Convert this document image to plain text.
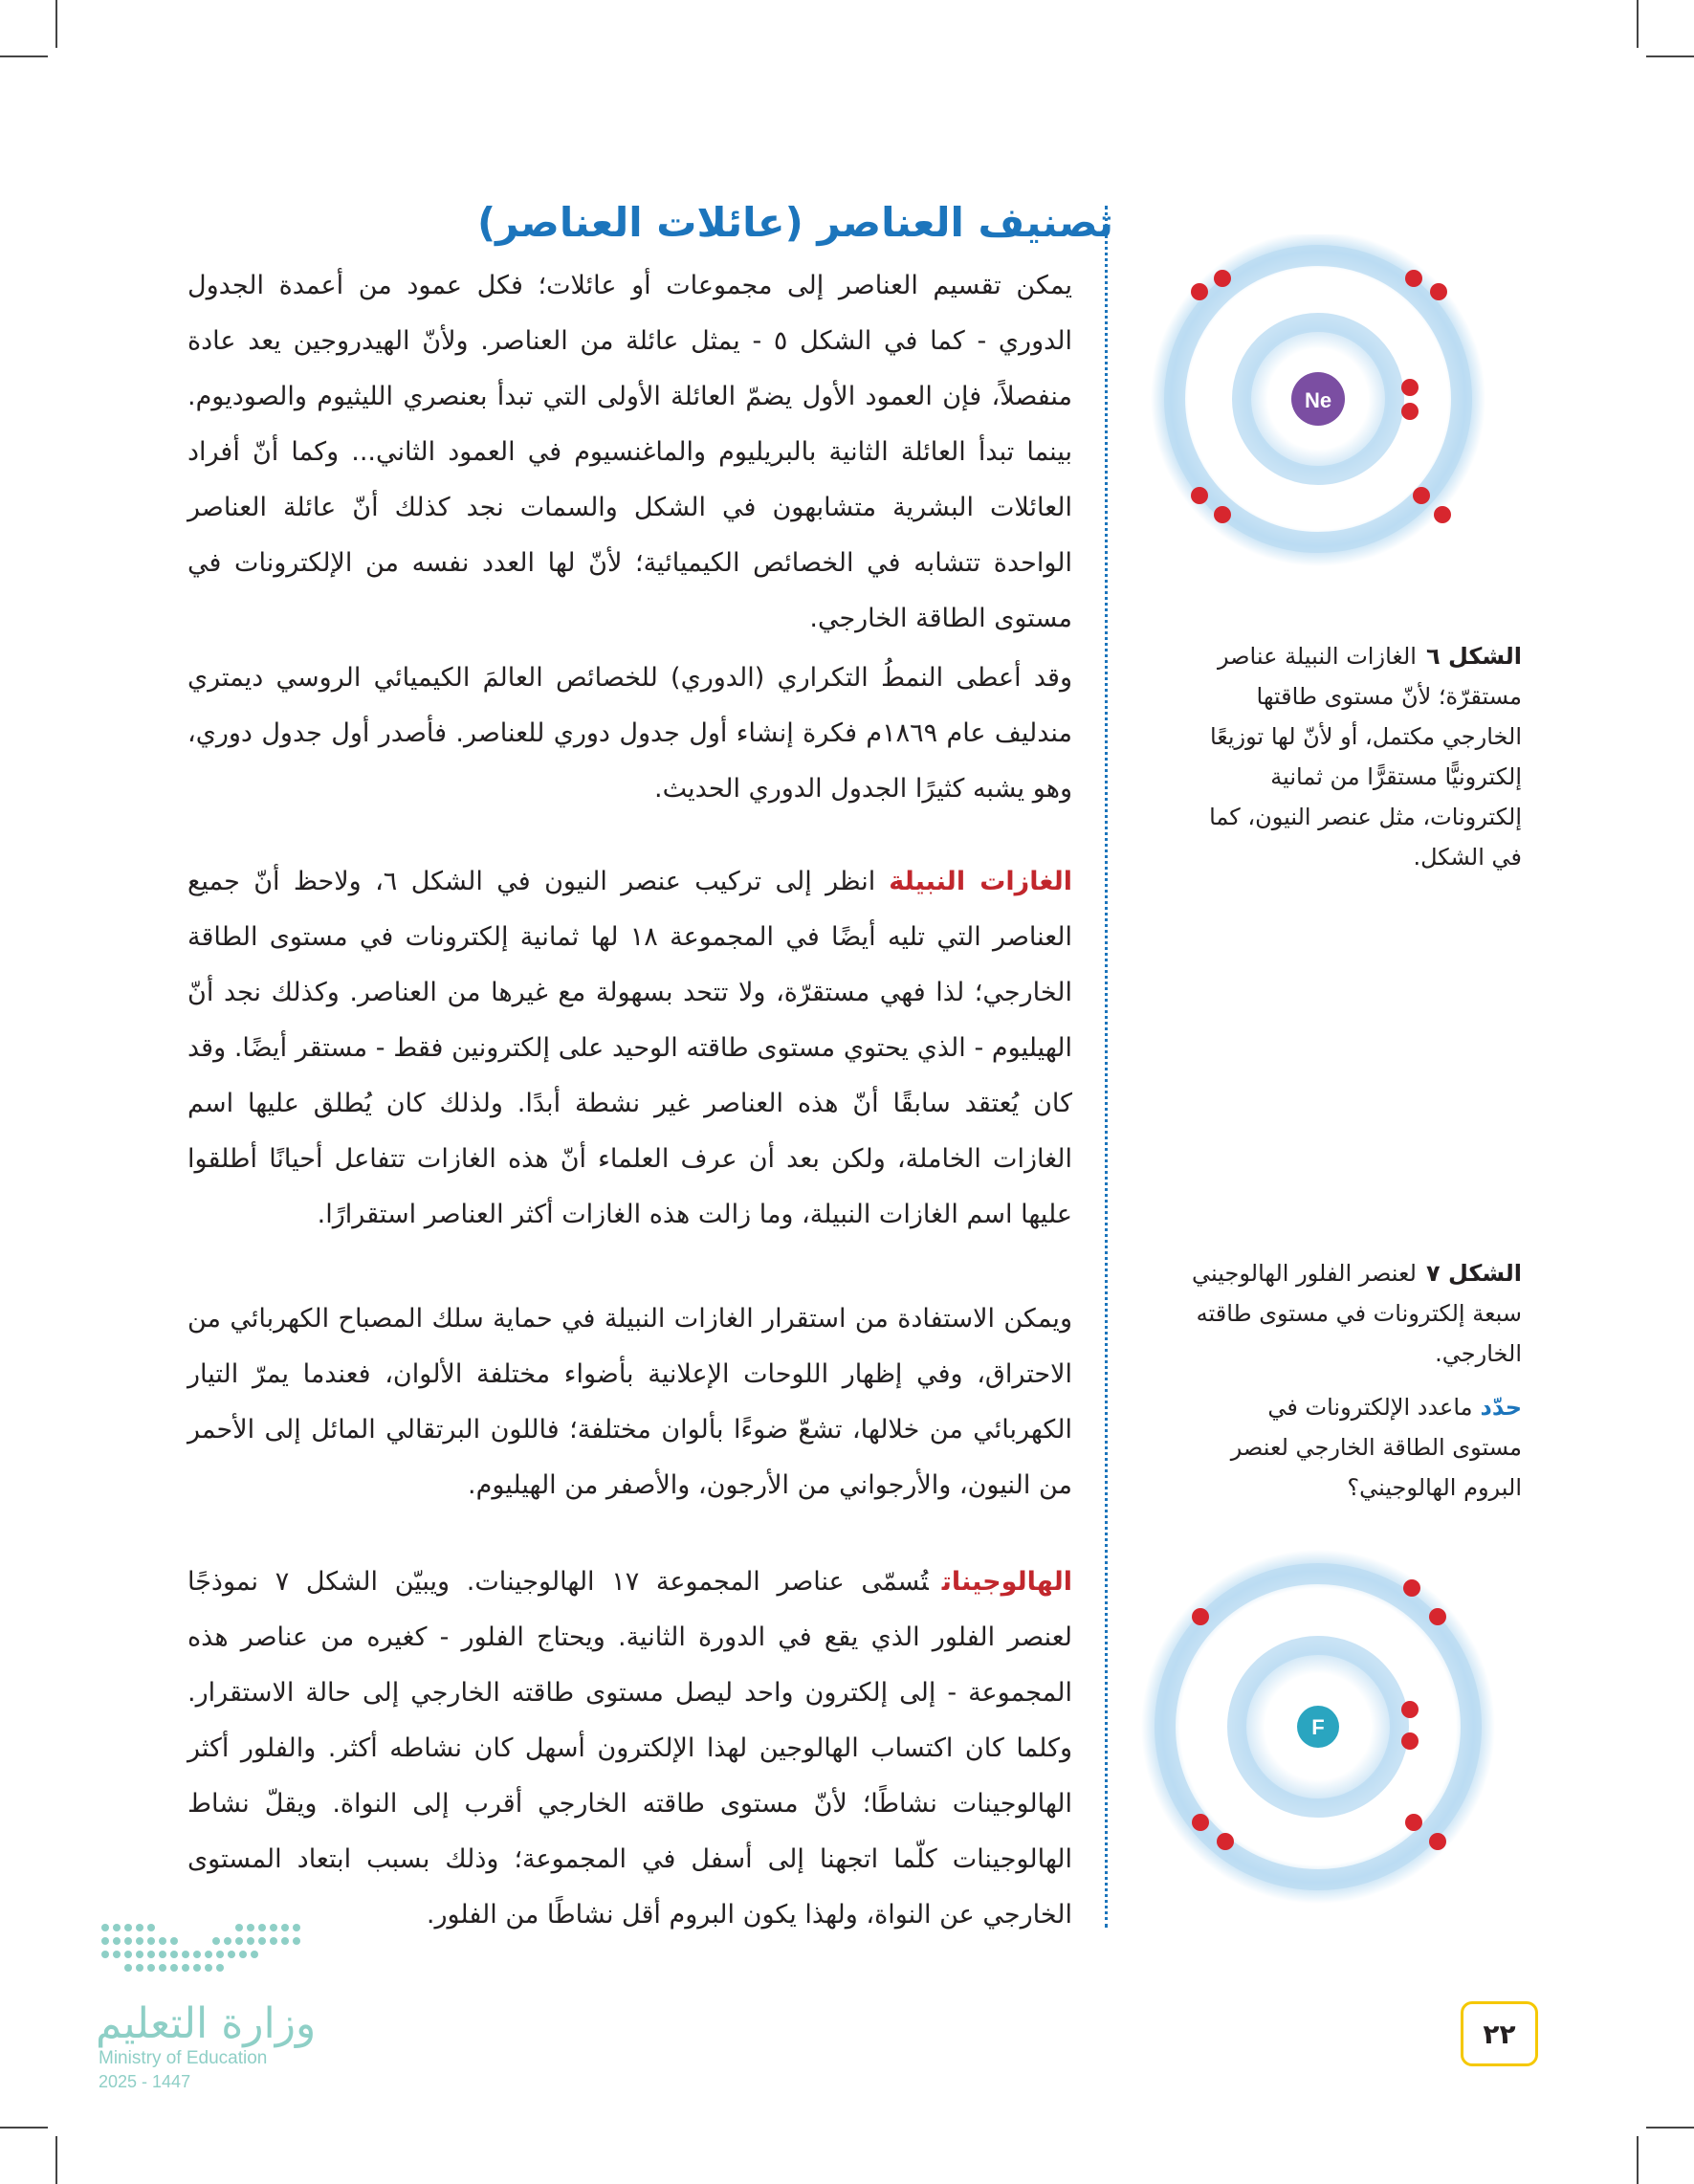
تصنيف العناصر (عائلات العناصر)

يمكن تقسيم العناصر إلى مجموعات أو عائلات؛ فكل عمود من أعمدة الجدول الدوري - كما في الشكل ٥ - يمثل عائلة من العناصر. ولأنّ الهيدروجين يعد عادة منفصلاً، فإن العمود الأول يضمّ العائلة الأولى التي تبدأ بعنصري الليثيوم والصوديوم. بينما تبدأ العائلة الثانية بالبريليوم والماغنسيوم في العمود الثاني... وكما أنّ أفراد العائلات البشرية متشابهون في الشكل والسمات نجد كذلك أنّ عائلة العناصر الواحدة تتشابه في الخصائص الكيميائية؛ لأنّ لها العدد نفسه من الإلكترونات في مستوى الطاقة الخارجي.

وقد أعطى النمطُ التكراري (الدوري) للخصائص العالمَ الكيميائي الروسي ديمتري مندليف عام ١٨٦٩م فكرة إنشاء أول جدول دوري للعناصر. فأصدر أول جدول دوري، وهو يشبه كثيرًا الجدول الدوري الحديث.

الغازات النبيلةانظر إلى تركيب عنصر النيون في الشكل ٦، ولاحظ أنّ جميع العناصر التي تليه أيضًا في المجموعة ١٨ لها ثمانية إلكترونات في مستوى الطاقة الخارجي؛ لذا فهي مستقرّة، ولا تتحد بسهولة مع غيرها من العناصر. وكذلك نجد أنّ الهيليوم - الذي يحتوي مستوى طاقته الوحيد على إلكترونين فقط - مستقر أيضًا. وقد كان يُعتقد سابقًا أنّ هذه العناصر غير نشطة أبدًا. ولذلك كان يُطلق عليها اسم الغازات الخاملة، ولكن بعد أن عرف العلماء أنّ هذه الغازات تتفاعل أحيانًا أطلقوا عليها اسم الغازات النبيلة، وما زالت هذه الغازات أكثر العناصر استقرارًا.

ويمكن الاستفادة من استقرار الغازات النبيلة في حماية سلك المصباح الكهربائي من الاحتراق، وفي إظهار اللوحات الإعلانية بأضواء مختلفة الألوان، فعندما يمرّ التيار الكهربائي من خلالها، تشعّ ضوءًا بألوان مختلفة؛ فاللون البرتقالي المائل إلى الأحمر من النيون، والأرجواني من الأرجون، والأصفر من الهيليوم.

الهالوجيناتتُسمّى عناصر المجموعة ١٧ الهالوجينات. ويبيّن الشكل ٧ نموذجًا لعنصر الفلور الذي يقع في الدورة الثانية. ويحتاج الفلور - كغيره من عناصر هذه المجموعة - إلى إلكترون واحد ليصل مستوى طاقته الخارجي إلى حالة الاستقرار. وكلما كان اكتساب الهالوجين لهذا الإلكترون أسهل كان نشاطه أكثر. والفلور أكثر الهالوجينات نشاطًا؛ لأنّ مستوى طاقته الخارجي أقرب إلى النواة. ويقلّ نشاط الهالوجينات كلّما اتجهنا إلى أسفل في المجموعة؛ وذلك بسبب ابتعاد المستوى الخارجي عن النواة، ولهذا يكون البروم أقل نشاطًا من الفلور.

Ne

الشكل ٦الغازات النبيلة عناصر مستقرّة؛ لأنّ مستوى طاقتها الخارجي مكتمل، أو لأنّ لها توزيعًا إلكترونيًّا مستقرًّا من ثمانية إلكترونات، مثل عنصر النيون، كما في الشكل.

الشكل ٧لعنصر الفلور الهالوجيني سبعة إلكترونات في مستوى طاقته الخارجي.

حدّدماعدد الإلكترونات في مستوى الطاقة الخارجي لعنصر البروم الهالوجيني؟

F
٢٢
وزارة التعليم
Ministry of Education
2025 - 1447
